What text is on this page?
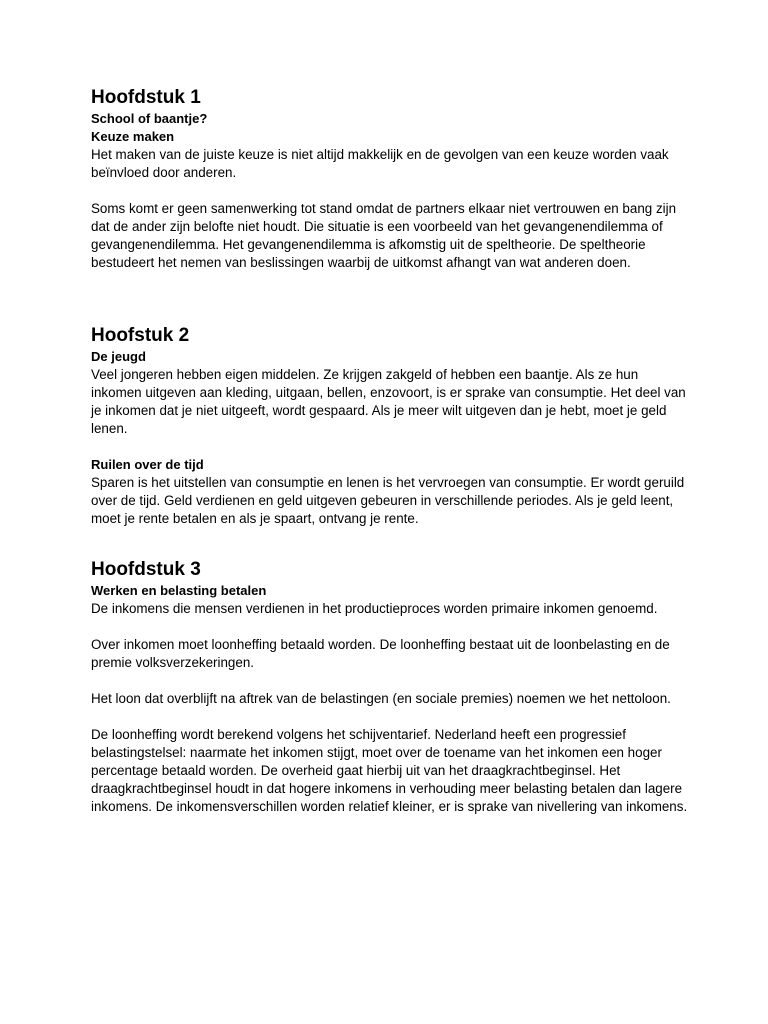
Hoofdstuk 1
School of baantje?
Keuze maken

Het maken van de juiste keuze is niet altijd makkelijk en de gevolgen van een keuze worden vaak beïnvloed door anderen.

Soms komt er geen samenwerking tot stand omdat de partners elkaar niet vertrouwen en bang zijn dat de ander zijn belofte niet houdt. Die situatie is een voorbeeld van het gevangenendilemma of gevangenendilemma. Het gevangenendilemma is afkomstig uit de speltheorie. De speltheorie bestudeert het nemen van beslissingen waarbij de uitkomst afhangt van wat anderen doen.

Hoofstuk 2
De jeugd

Veel jongeren hebben eigen middelen. Ze krijgen zakgeld of hebben een baantje. Als ze hun inkomen uitgeven aan kleding, uitgaan, bellen, enzovoort, is er sprake van consumptie. Het deel van je inkomen dat je niet uitgeeft, wordt gespaard. Als je meer wilt uitgeven dan je hebt, moet je geld lenen.

Ruilen over de tijd

Sparen is het uitstellen van consumptie en lenen is het vervroegen van consumptie. Er wordt geruild over de tijd. Geld verdienen en geld uitgeven gebeuren in verschillende periodes. Als je geld leent, moet je rente betalen en als je spaart, ontvang je rente.

Hoofdstuk 3
Werken en belasting betalen

De inkomens die mensen verdienen in het productieproces worden primaire inkomen genoemd.

Over inkomen moet loonheffing betaald worden. De loonheffing bestaat uit de loonbelasting en de premie volksverzekeringen.

Het loon dat overblijft na aftrek van de belastingen (en sociale premies) noemen we het nettoloon.

De loonheffing wordt berekend volgens het schijventarief. Nederland heeft een progressief belastingstelsel: naarmate het inkomen stijgt, moet over de toename van het inkomen een hoger percentage betaald worden. De overheid gaat hierbij uit van het draagkrachtbeginsel. Het draagkrachtbeginsel houdt in dat hogere inkomens in verhouding meer belasting betalen dan lagere inkomens. De inkomensverschillen worden relatief kleiner, er is sprake van nivellering van inkomens.
